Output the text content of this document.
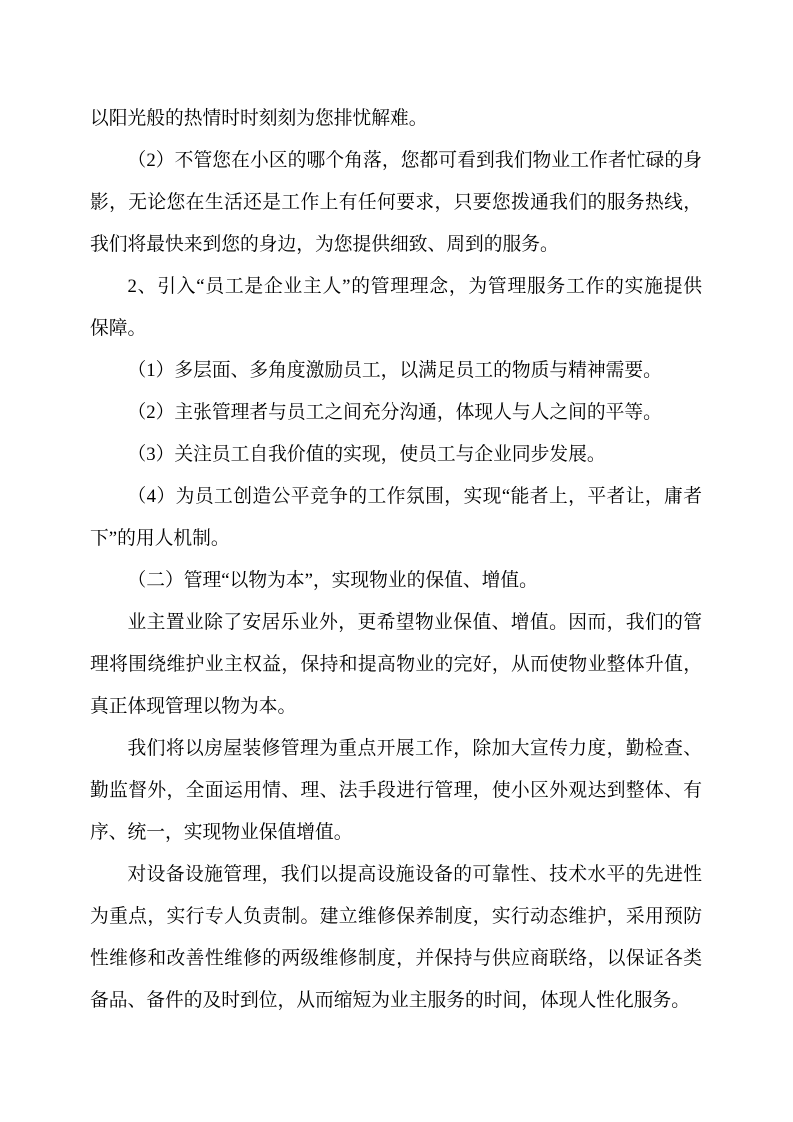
以阳光般的热情时时刻刻为您排忧解难。
（2）不管您在小区的哪个角落，您都可看到我们物业工作者忙碌的身
影，无论您在生活还是工作上有任何要求，只要您拨通我们的服务热线，
我们将最快来到您的身边，为您提供细致、周到的服务。
2、引入“员工是企业主人”的管理理念，为管理服务工作的实施提供
保障。
（1）多层面、多角度激励员工，以满足员工的物质与精神需要。
（2）主张管理者与员工之间充分沟通，体现人与人之间的平等。
（3）关注员工自我价值的实现，使员工与企业同步发展。
（4）为员工创造公平竞争的工作氛围，实现“能者上，平者让，庸者
下”的用人机制。
（二）管理“以物为本”，实现物业的保值、增值。
业主置业除了安居乐业外，更希望物业保值、增值。因而，我们的管
理将围绕维护业主权益，保持和提高物业的完好，从而使物业整体升值，
真正体现管理以物为本。
我们将以房屋装修管理为重点开展工作，除加大宣传力度，勤检查、
勤监督外，全面运用情、理、法手段进行管理，使小区外观达到整体、有
序、统一，实现物业保值增值。
对设备设施管理，我们以提高设施设备的可靠性、技术水平的先进性
为重点，实行专人负责制。建立维修保养制度，实行动态维护，采用预防
性维修和改善性维修的两级维修制度，并保持与供应商联络，以保证各类
备品、备件的及时到位，从而缩短为业主服务的时间，体现人性化服务。
